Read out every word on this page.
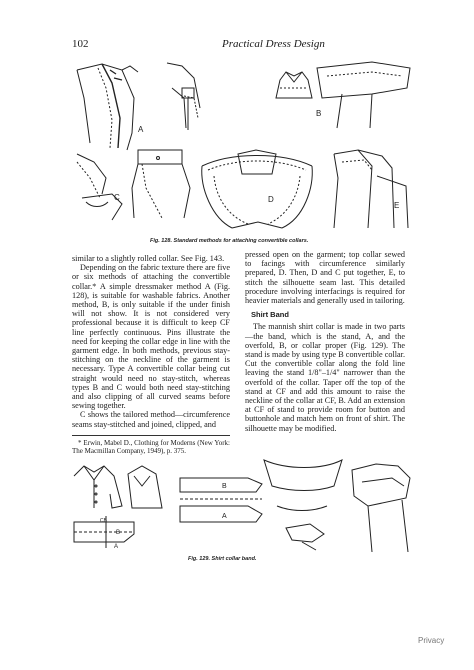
102	Practical Dress Design
A
B
C	D
E
Fig. 128. Standard methods for attaching convertible collars.

similar to a slightly rolled collar. See Fig. 143.

Depending on the fabric texture there are five or six methods of attaching the convertible collar.* A simple dressmaker method A (Fig. 128), is suitable for washable fabrics. Another method, B, is only suitable if the under finish will not show. It is not considered very professional because it is difficult to keep CF line perfectly continuous. Pins illustrate the need for keeping the collar edge in line with the garment edge. In both methods, previous stay-stitching on the neckline of the garment is necessary. Type A convertible collar being cut straight would need no stay-stitch, whereas types B and C would both need stay-stitching and also clipping of all curved seams before sewing together.

C shows the tailored method—circumference seams stay-stitched and joined, clipped, and

* Erwin, Mabel D., Clothing for Moderns (New York: The Macmillan Company, 1949), p. 375.

pressed open on the garment; top collar sewed to facings with circumference similarly prepared, D. Then, D and C put together, E, to stitch the silhouette seam last. This detailed procedure involving interfacings is required for heavier materials and generally used in tailoring.

Shirt Band

The mannish shirt collar is made in two parts—the band, which is the stand, A, and the overfold, B, or collar proper (Fig. 129). The stand is made by using type B convertible collar. Cut the convertible collar along the fold line leaving the stand 1/8"–1/4" narrower than the overfold of the collar. Taper off the top of the stand at CF and add this amount to raise the neckline of the collar at CF, B. Add an extension at CF of stand to provide room for button and buttonhole and match hem on front of shirt. The silhouette may be modified.

CB
B
A
B
A
Fig. 129. Shirt collar band.
Privacy
